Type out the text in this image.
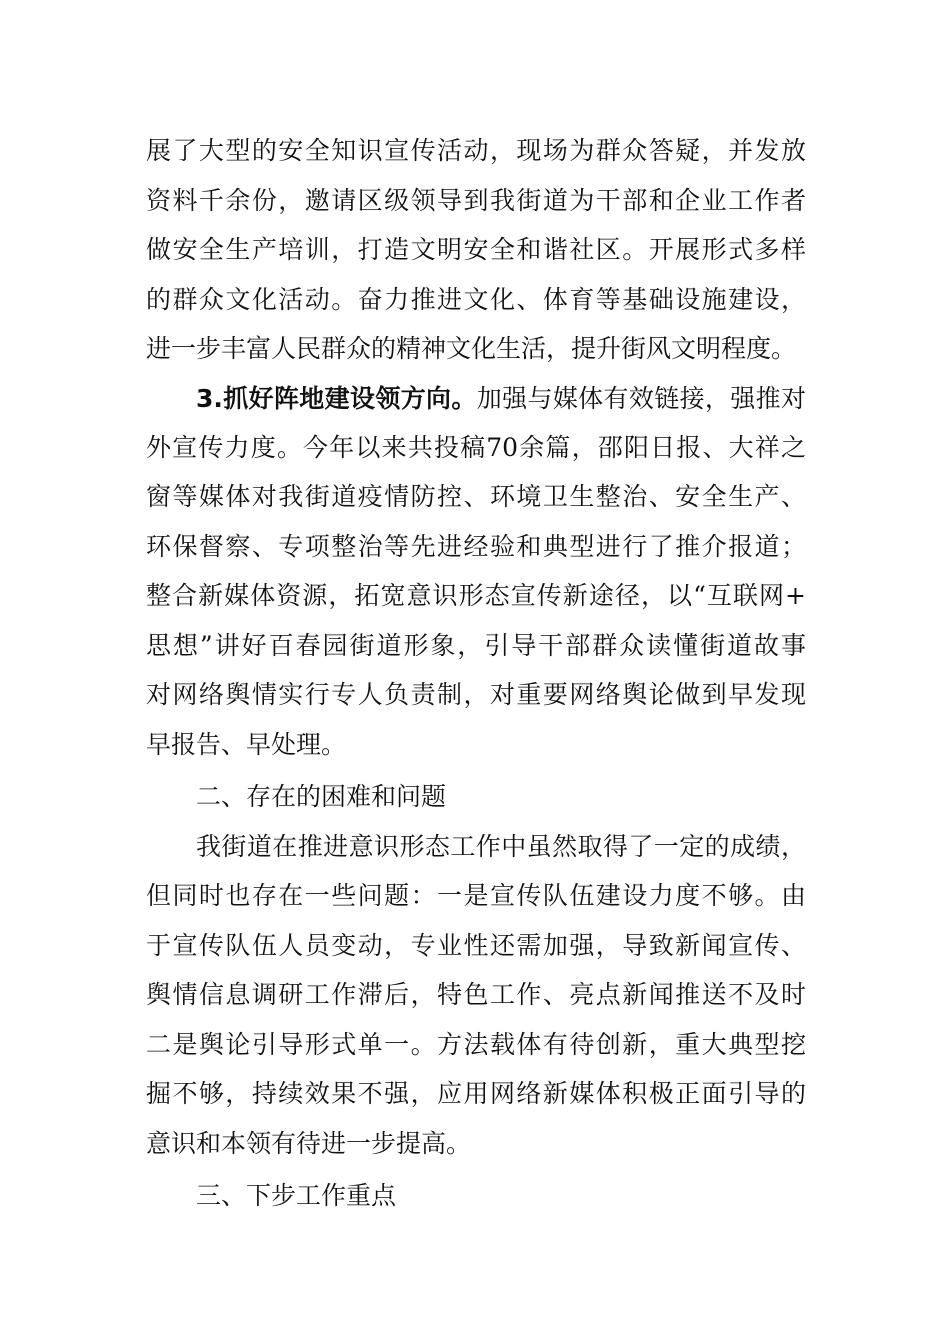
展了大型的安全知识宣传活动，现场为群众答疑，并发放
资料千余份，邀请区级领导到我街道为干部和企业工作者
做安全生产培训，打造文明安全和谐社区。开展形式多样
的群众文化活动。奋力推进文化、体育等基础设施建设，
进一步丰富人民群众的精神文化生活，提升街风文明程度。
3.抓好阵地建设领方向。加强与媒体有效链接，强推对
外宣传力度。今年以来共投稿70余篇，邵阳日报、大祥之
窗等媒体对我街道疫情防控、环境卫生整治、安全生产、
环保督察、专项整治等先进经验和典型进行了推介报道；
整合新媒体资源，拓宽意识形态宣传新途径，以“互联网+
思想”讲好百春园街道形象，引导干部群众读懂街道故事
对网络舆情实行专人负责制，对重要网络舆论做到早发现
早报告、早处理。
二、存在的困难和问题
我街道在推进意识形态工作中虽然取得了一定的成绩，
但同时也存在一些问题：一是宣传队伍建设力度不够。由
于宣传队伍人员变动，专业性还需加强，导致新闻宣传、
舆情信息调研工作滞后，特色工作、亮点新闻推送不及时
二是舆论引导形式单一。方法载体有待创新，重大典型挖
掘不够，持续效果不强，应用网络新媒体积极正面引导的
意识和本领有待进一步提高。
三、下步工作重点
